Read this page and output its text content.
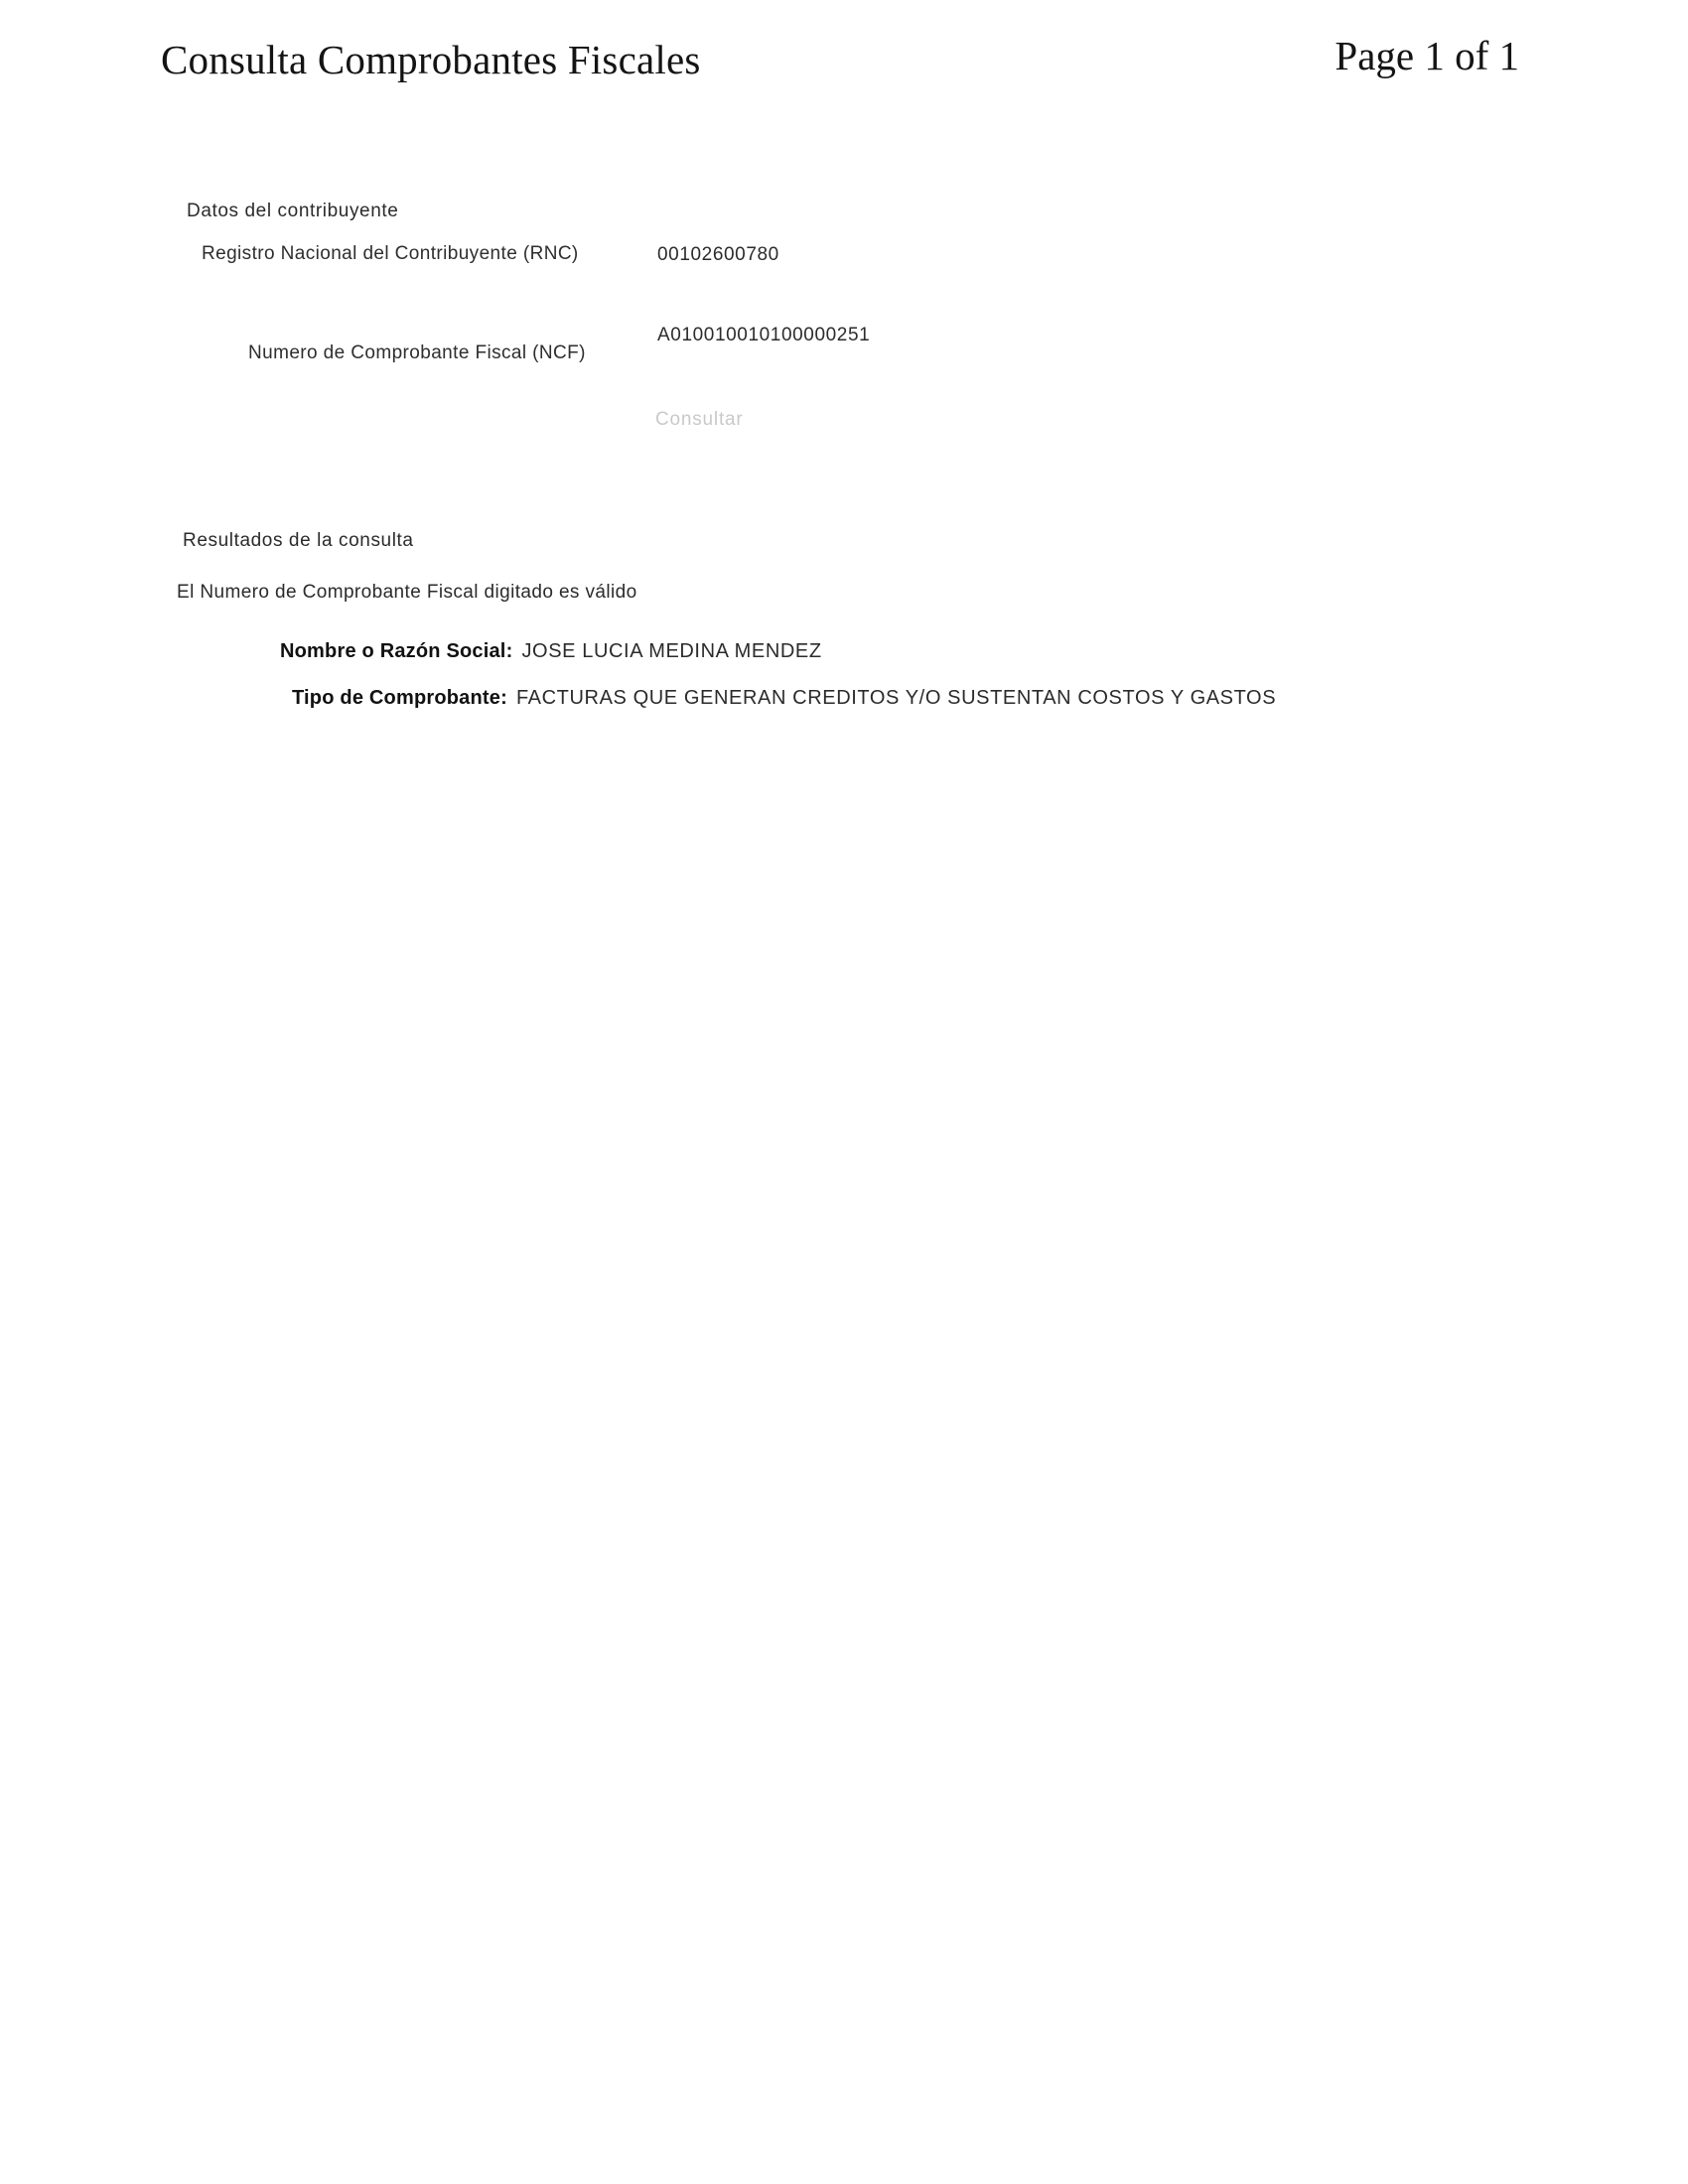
Consulta Comprobantes Fiscales	Page 1 of 1
Datos del contribuyente
Registro Nacional del Contribuyente (RNC)	00102600780
Numero de Comprobante Fiscal (NCF)
A010010010100000251
Consultar
Resultados de la consulta
El Numero de Comprobante Fiscal digitado es válido
Nombre o Razón Social: JOSE LUCIA MEDINA MENDEZ
Tipo de Comprobante: FACTURAS QUE GENERAN CREDITOS Y/O SUSTENTAN COSTOS Y GASTOS
